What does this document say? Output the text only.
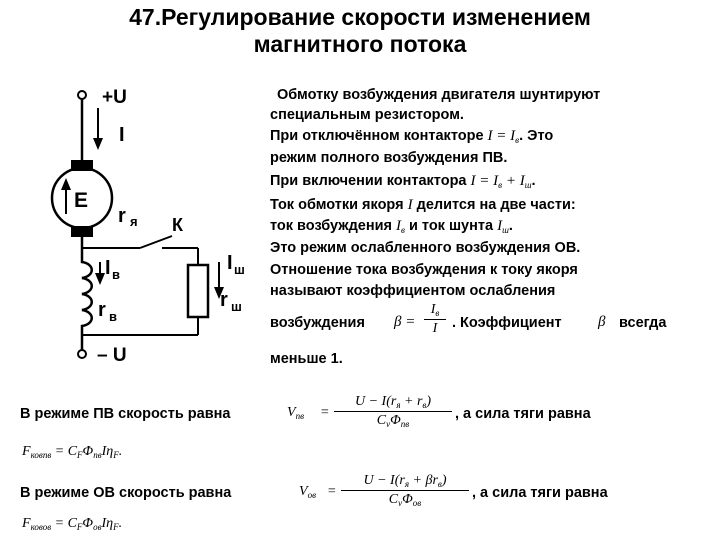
47.Регулирование скорости изменением
магнитного потока
+U
I
E
r я К
I в
r в
I ш
r ш
– U
Обмотку возбуждения двигателя шунтируют
специальным резистором.
При отключённом контакторе $I = I_в$. Это
режим полного возбуждения ПВ.
При включении контактора $I = I_в + I_ш$.
Ток обмотки якоря I делится на две части:
ток возбуждения $I_в$ и ток шунта $I_ш$.
Это режим ослабленного возбуждения ОВ.
Отношение тока возбуждения к току якоря
называют коэффициентом ослабления
возбуждения β =
$I_в$
I	. Коэффициент β всегда
меньше 1.
В режиме ПВ скорость равна	$V_{пв}$ =
$U - I(r_я + r_в)$
$C_v\Phi_{пв}$
, а сила тяги равна
$F_{ковпв} = C_F\Phi_{пв}I\eta_F$.
В режиме ОВ скорость равна	$V_{ов}$ =
$U - I(r_я + \beta r_в)$
$C_v\Phi_{ов}$
, а сила тяги равна
$F_{ковов} = C_F\Phi_{ов}I\eta_F$.
